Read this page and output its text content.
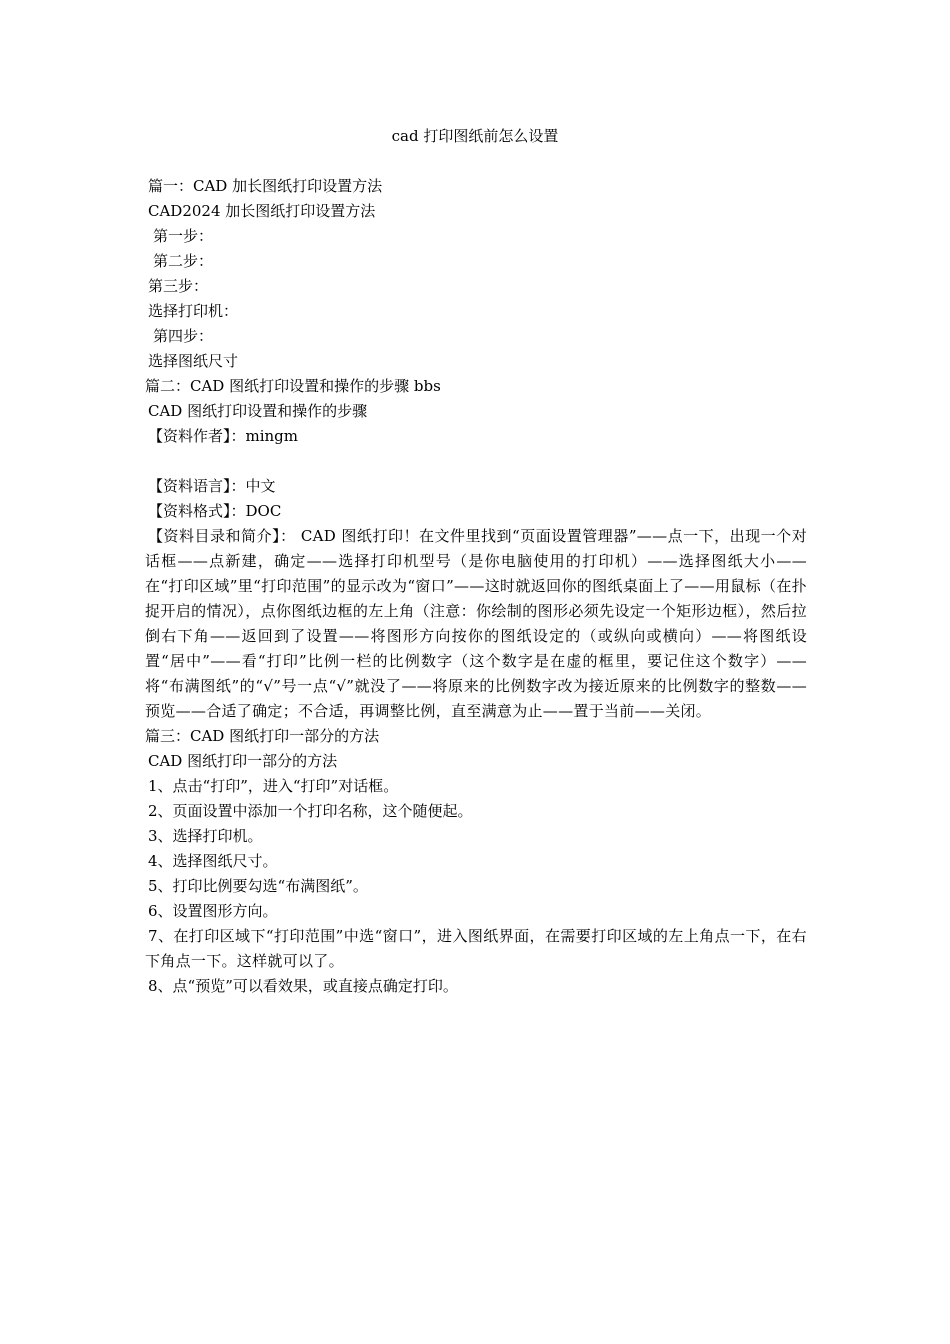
cad 打印图纸前怎么设置

篇一：CAD 加长图纸打印设置方法

CAD2024 加长图纸打印设置方法

第一步：

第二步：

第三步：

选择打印机：

第四步：

选择图纸尺寸

篇二：CAD 图纸打印设置和操作的步骤 bbs

CAD 图纸打印设置和操作的步骤

【资料作者】：mingm

【资料语言】：中文

【资料格式】：DOC

【资料目录和简介】： CAD 图纸打印！在文件里找到“页面设置管理器”——点一下，出现一个对话框——点新建，确定——选择打印机型号（是你电脑使用的打印机）——选择图纸大小——在“打印区域”里“打印范围”的显示改为“窗口”——这时就返回你的图纸桌面上了——用鼠标（在扑捉开启的情况），点你图纸边框的左上角（注意：你绘制的图形必须先设定一个矩形边框），然后拉倒右下角——返回到了设置——将图形方向按你的图纸设定的（或纵向或横向）——将图纸设置“居中”——看“打印”比例一栏的比例数字（这个数字是在虚的框里，要记住这个数字）——将“布满图纸”的“√”号一点“√”就没了——将原来的比例数字改为接近原来的比例数字的整数——预览——合适了确定；不合适，再调整比例，直至满意为止——置于当前——关闭。

篇三：CAD 图纸打印一部分的方法

CAD 图纸打印一部分的方法

1、点击“打印”，进入“打印”对话框。

2、页面设置中添加一个打印名称，这个随便起。

3、选择打印机。

4、选择图纸尺寸。

5、打印比例要勾选“布满图纸”。

6、设置图形方向。

7、在打印区域下“打印范围”中选“窗口”，进入图纸界面，在需要打印区域的左上角点一下，在右下角点一下。这样就可以了。

8、点“预览”可以看效果，或直接点确定打印。
